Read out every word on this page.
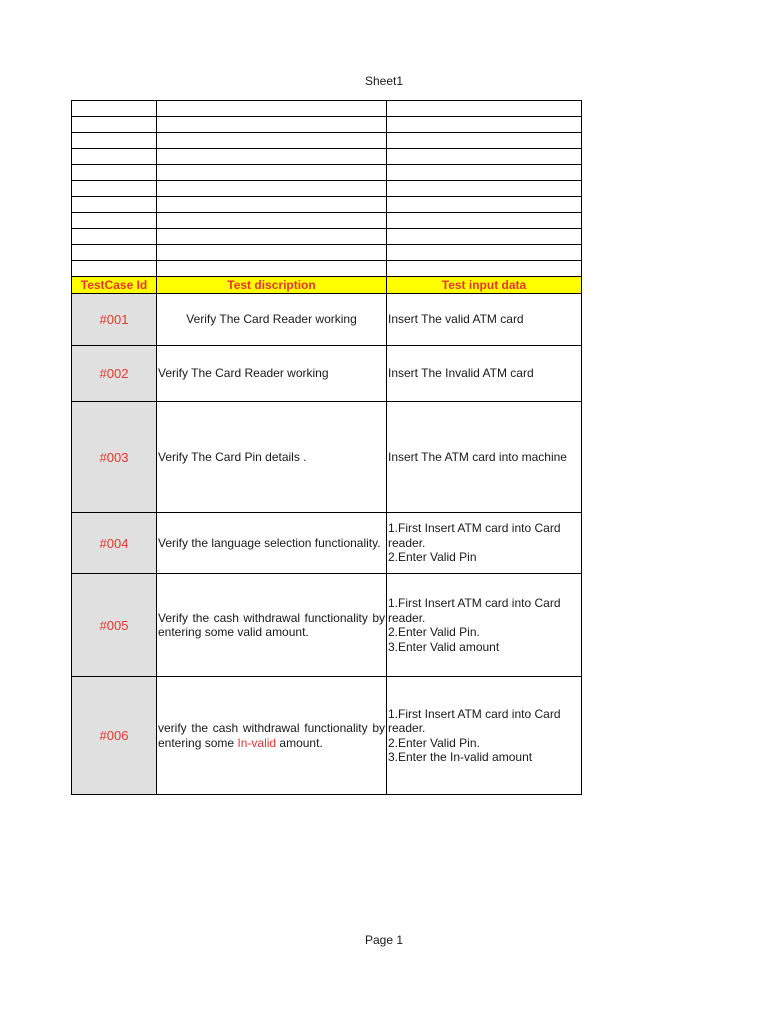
Sheet1

TestCase Id	Test discription	Test input data
#001	Verify The Card Reader working	Insert The valid ATM card

#002	Verify The Card Reader working	Insert The Invalid ATM card

#003	Verify The Card Pin details .	Insert The ATM card into machine

#004	Verify the language selection functionality.	1.First Insert ATM card into Card reader.
2.Enter Valid Pin

#005	Verify the cash withdrawal functionality by entering some valid amount.	1.First Insert ATM card into Card reader.
2.Enter Valid Pin.
3.Enter Valid amount

#006	verify the cash withdrawal functionality by entering some In-valid amount.	1.First Insert ATM card into Card reader.
2.Enter Valid Pin.
3.Enter the In-valid amount
Page 1
